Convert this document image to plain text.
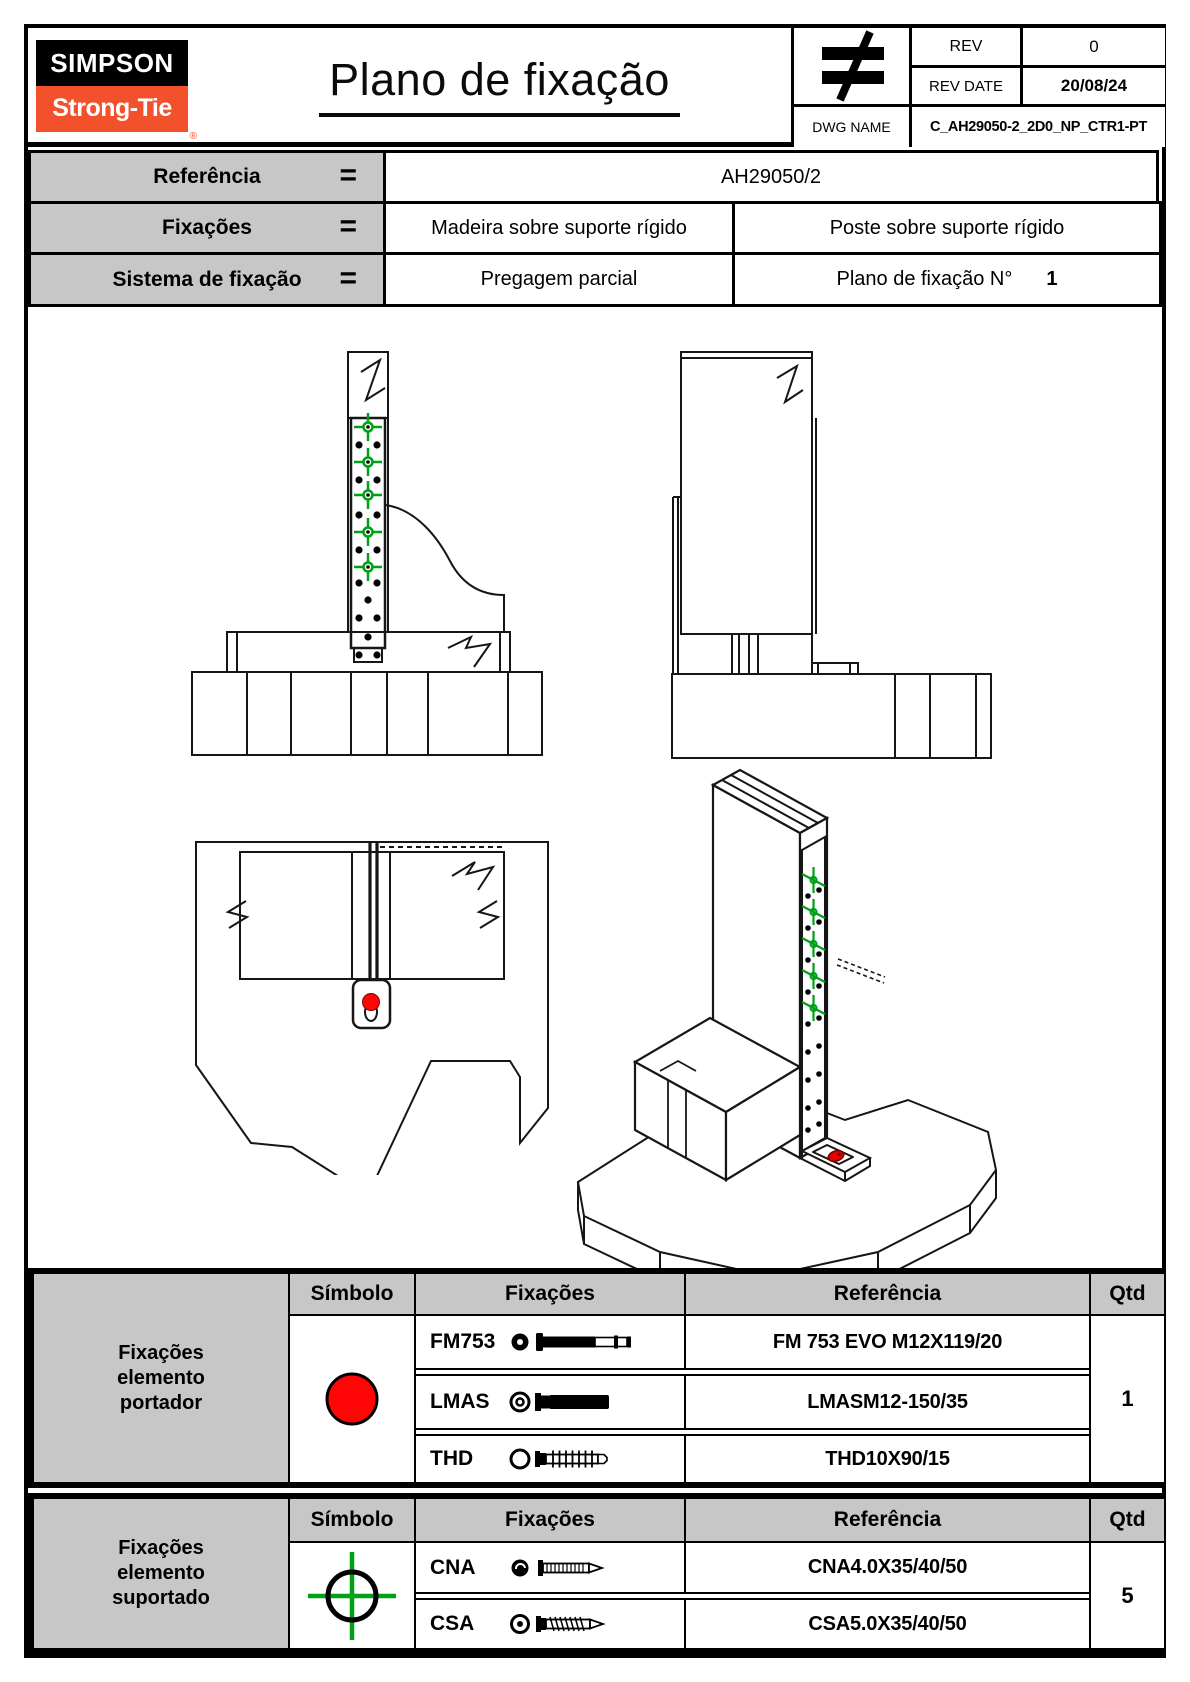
SIMPSON
Strong-Tie
®
Plano de fixação
REV	0
REV DATE	20/08/24
DWG NAME	C_AH29050-2_2D0_NP_CTR1 -PT
Referência	=	AH29050/2
Fixações	=	Madeira sobre suporte rígido	Poste sobre suporte rígido
Sistema de fixação =	Pregagem parcial	Plano de fixação N° 1
Fixações elemento portador
Símbolo	Fixações	Referência	Qtd
1
FM753	FM 753 EVO M12X119/20
LMAS	LMASM12-150/35
THD	THD10X90/15
Fixações elemento suportado
Símbolo	Fixações	Referência	Qtd
5
CNA	CNA4.0X35/40/50
CSA	CSA5.0X35/40/50
